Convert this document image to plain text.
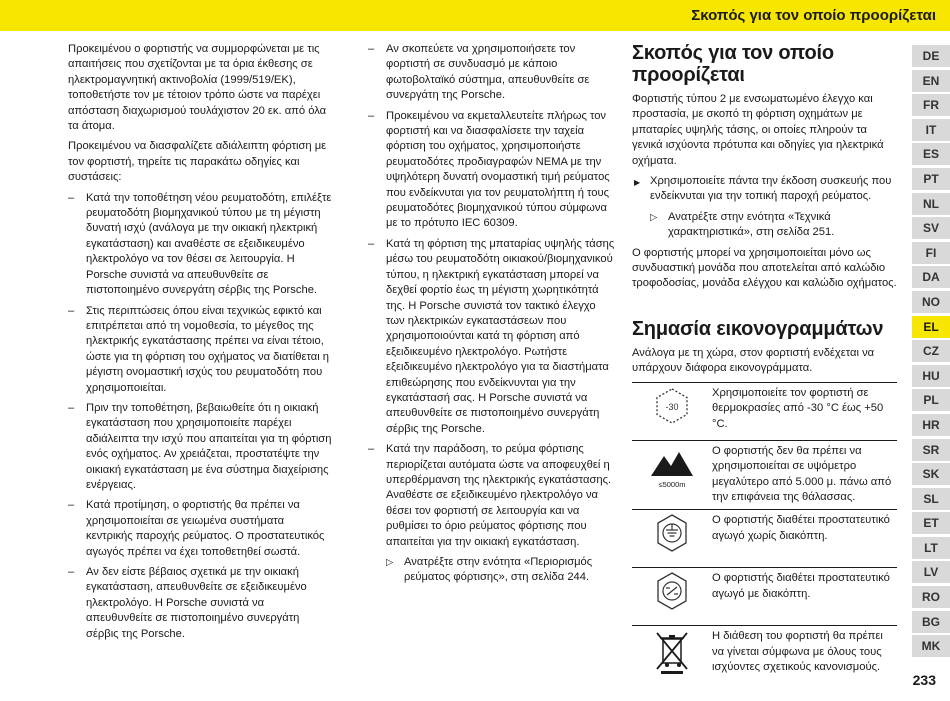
Σκοπός για τον οποίο προορίζεται

Προκειμένου ο φορτιστής να συμμορφώνεται με τις απαιτήσεις που σχετίζονται με τα όρια έκθεσης σε ηλεκτρομαγνητική ακτινοβολία (1999/519/ΕΚ), τοποθετήστε τον με τέτοιον τρόπο ώστε να παρέχει απόσταση διαχωρισμού τουλάχιστον 20 εκ. από όλα τα άτομα.

Προκειμένου να διασφαλίζετε αδιάλειπτη φόρτιση με τον φορτιστή, τηρείτε τις παρακάτω οδηγίες και συστάσεις:

– Κατά την τοποθέτηση νέου ρευματοδότη, επιλέξτε ρευματοδότη βιομηχανικού τύπου με τη μέγιστη δυνατή ισχύ (ανάλογα με την οικιακή ηλεκτρική εγκατάσταση) και αναθέστε σε εξειδικευμένο ηλεκτρολόγο να τον θέσει σε λειτουργία. Η Porsche συνιστά να απευθυνθείτε σε πιστοποιημένο συνεργάτη σέρβις της Porsche.
– Στις περιπτώσεις όπου είναι τεχνικώς εφικτό και επιτρέπεται από τη νομοθεσία, το μέγεθος της ηλεκτρικής εγκατάστασης πρέπει να είναι τέτοιο, ώστε για τη φόρτιση του οχήματος να διατίθεται η μέγιστη ονομαστική ισχύς του ρευματοδότη που χρησιμοποιείται.
– Πριν την τοποθέτηση, βεβαιωθείτε ότι η οικιακή εγκατάσταση που χρησιμοποιείτε παρέχει αδιάλειπτα την ισχύ που απαιτείται για τη φόρτιση ενός οχήματος. Αν χρειάζεται, προστατέψτε την οικιακή εγκατάσταση με ένα σύστημα διαχείρισης ενέργειας.
– Κατά προτίμηση, ο φορτιστής θα πρέπει να χρησιμοποιείται σε γειωμένα συστήματα κεντρικής παροχής ρεύματος. Ο προστατευτικός αγωγός πρέπει να έχει τοποθετηθεί σωστά.
– Αν δεν είστε βέβαιος σχετικά με την οικιακή εγκατάσταση, απευθυνθείτε σε εξειδικευμένο ηλεκτρολόγο. Η Porsche συνιστά να απευθυνθείτε σε πιστοποιημένο συνεργάτη σέρβις της Porsche.
– Αν σκοπεύετε να χρησιμοποιήσετε τον φορτιστή σε συνδυασμό με κάποιο φωτοβολταϊκό σύστημα, απευθυνθείτε σε συνεργάτη της Porsche.
– Προκειμένου να εκμεταλλευτείτε πλήρως τον φορτιστή και να διασφαλίσετε την ταχεία φόρτιση του οχήματος, χρησιμοποιήστε ρευματοδότες προδιαγραφών NEMA με την υψηλότερη δυνατή ονομαστική τιμή ρεύματος που ενδείκνυται για τον ρευματολήπτη ή τους ρευματοδότες βιομηχανικού τύπου σύμφωνα με το πρότυπο IEC 60309.
– Κατά τη φόρτιση της μπαταρίας υψηλής τάσης μέσω του ρευματοδότη οικιακού/βιομηχανικού τύπου, η ηλεκτρική εγκατάσταση μπορεί να δεχθεί φορτίο έως τη μέγιστη χωρητικότητά της. Η Porsche συνιστά τον τακτικό έλεγχο των ηλεκτρικών εγκαταστάσεων που χρησιμοποιούνται κατά τη φόρτιση από εξειδικευμένο ηλεκτρολόγο. Ρωτήστε εξειδικευμένο ηλεκτρολόγο για τα διαστήματα επιθεώρησης που ενδείκνυνται για την εγκατάστασή σας. Η Porsche συνιστά να απευθυνθείτε σε πιστοποιημένο συνεργάτη σέρβις της Porsche.
– Κατά την παράδοση, το ρεύμα φόρτισης περιορίζεται αυτόματα ώστε να αποφευχθεί η υπερθέρμανση της ηλεκτρικής εγκατάστασης. Αναθέστε σε εξειδικευμένο ηλεκτρολόγο να θέσει τον φορτιστή σε λειτουργία και να ρυθμίσει το όριο ρεύματος φόρτισης που απαιτείται για την οικιακή εγκατάσταση.

▷ Ανατρέξτε στην ενότητα «Περιορισμός ρεύματος φόρτισης», στη σελίδα 244.

Σκοπός για τον οποίο προορίζεται

Φορτιστής τύπου 2 με ενσωματωμένο έλεγχο και προστασία, με σκοπό τη φόρτιση οχημάτων με μπαταρίες υψηλής τάσης, οι οποίες πληρούν τα γενικά ισχύοντα πρότυπα και οδηγίες για ηλεκτρικά οχήματα.

▶ Χρησιμοποιείτε πάντα την έκδοση συσκευής που ενδείκνυται για την τοπική παροχή ρεύματος.

▷ Ανατρέξτε στην ενότητα «Τεχνικά χαρακτηριστικά», στη σελίδα 251.

Ο φορτιστής μπορεί να χρησιμοποιείται μόνο ως συνδυαστική μονάδα που αποτελείται από καλώδιο τροφοδοσίας, μονάδα ελέγχου και καλώδιο οχήματος.

Σημασία εικονογραμμάτων

Ανάλογα με τη χώρα, στον φορτιστή ενδέχεται να υπάρχουν διάφορα εικονογράμματα.

-30	Χρησιμοποιείτε τον φορτιστή σε θερμοκρασίες από -30 °C έως +50 °C.

≤5000m	Ο φορτιστής δεν θα πρέπει να χρησιμοποιείται σε υψόμετρο μεγαλύτερο από 5.000 μ. πάνω από την επιφάνεια της θάλασσας.
	Ο φορτιστής διαθέτει προστατευτικό αγωγό χωρίς διακόπτη.
	Ο φορτιστής διαθέτει προστατευτικό αγωγό με διακόπτη.
	Η διάθεση του φορτιστή θα πρέπει να γίνεται σύμφωνα με όλους τους ισχύοντες σχετικούς κανονισμούς.
DE
EN
FR
IT
ES
PT
NL
SV
FI
DA
NO
EL
CZ
HU
PL
HR
SR
SK
SL
ET
LT
LV
RO
BG
MK
233
